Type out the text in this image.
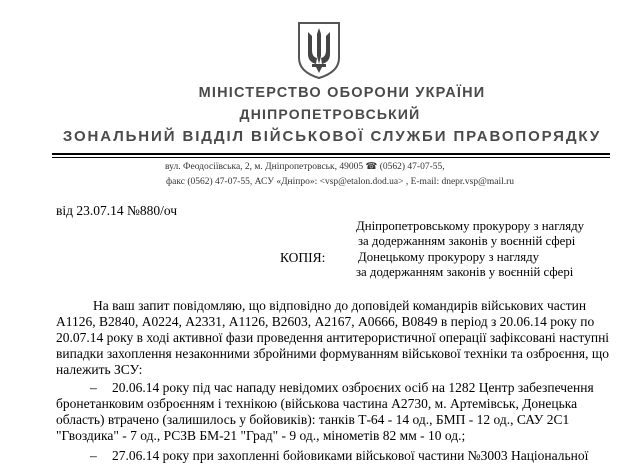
МІНІСТЕРСТВО ОБОРОНИ УКРАЇНИ
ДНІПРОПЕТРОВСЬКИЙ
ЗОНАЛЬНИЙ ВІДДІЛ ВІЙСЬКОВОЇ СЛУЖБИ ПРАВОПОРЯДКУ
вул. Феодосіївська, 2, м. Дніпропетровськ, 49005 ☎ (0562) 47-07-55,
факс (0562) 47-07-55, АСУ «Дніпро»: <vsp@etalon.dod.ua> , E-mail: dnepr.vsp@mail.ru
від 23.07.14 №880/оч
Дніпропетровському прокурору з нагляду
за додержанням законів у воєнній сфері
КОПІЯ:	Донецькому прокурору з нагляду
за додержанням законів у воєнній сфері
На ваш запит повідомляю, що відповідно до доповідей командирів військових частин
А1126, В2840, А0224, А2331, А1126, В2603, А2167, А0666, В0849 в період з 20.06.14 року по
20.07.14 року в ході активної фази проведення антитерористичної операції зафіксовані наступні
випадки захоплення незаконними збройними формуванням військової техніки та озброєння, що
належить ЗСУ:
– 20.06.14 року під час нападу невідомих озброєних осіб на 1282 Центр забезпечення
бронетанковим озброєнням і технікою (військова частина А2730, м. Артемівськ, Донецька
область) втрачено (залишилось у бойовиків): танків Т-64 - 14 од., БМП - 12 од., САУ 2С1
"Гвоздика" - 7 од., РСЗВ БМ-21 "Град" - 9 од., мінометів 82 мм - 10 од.;
– 27.06.14 року при захопленні бойовиками військової частини №3003 Національної
